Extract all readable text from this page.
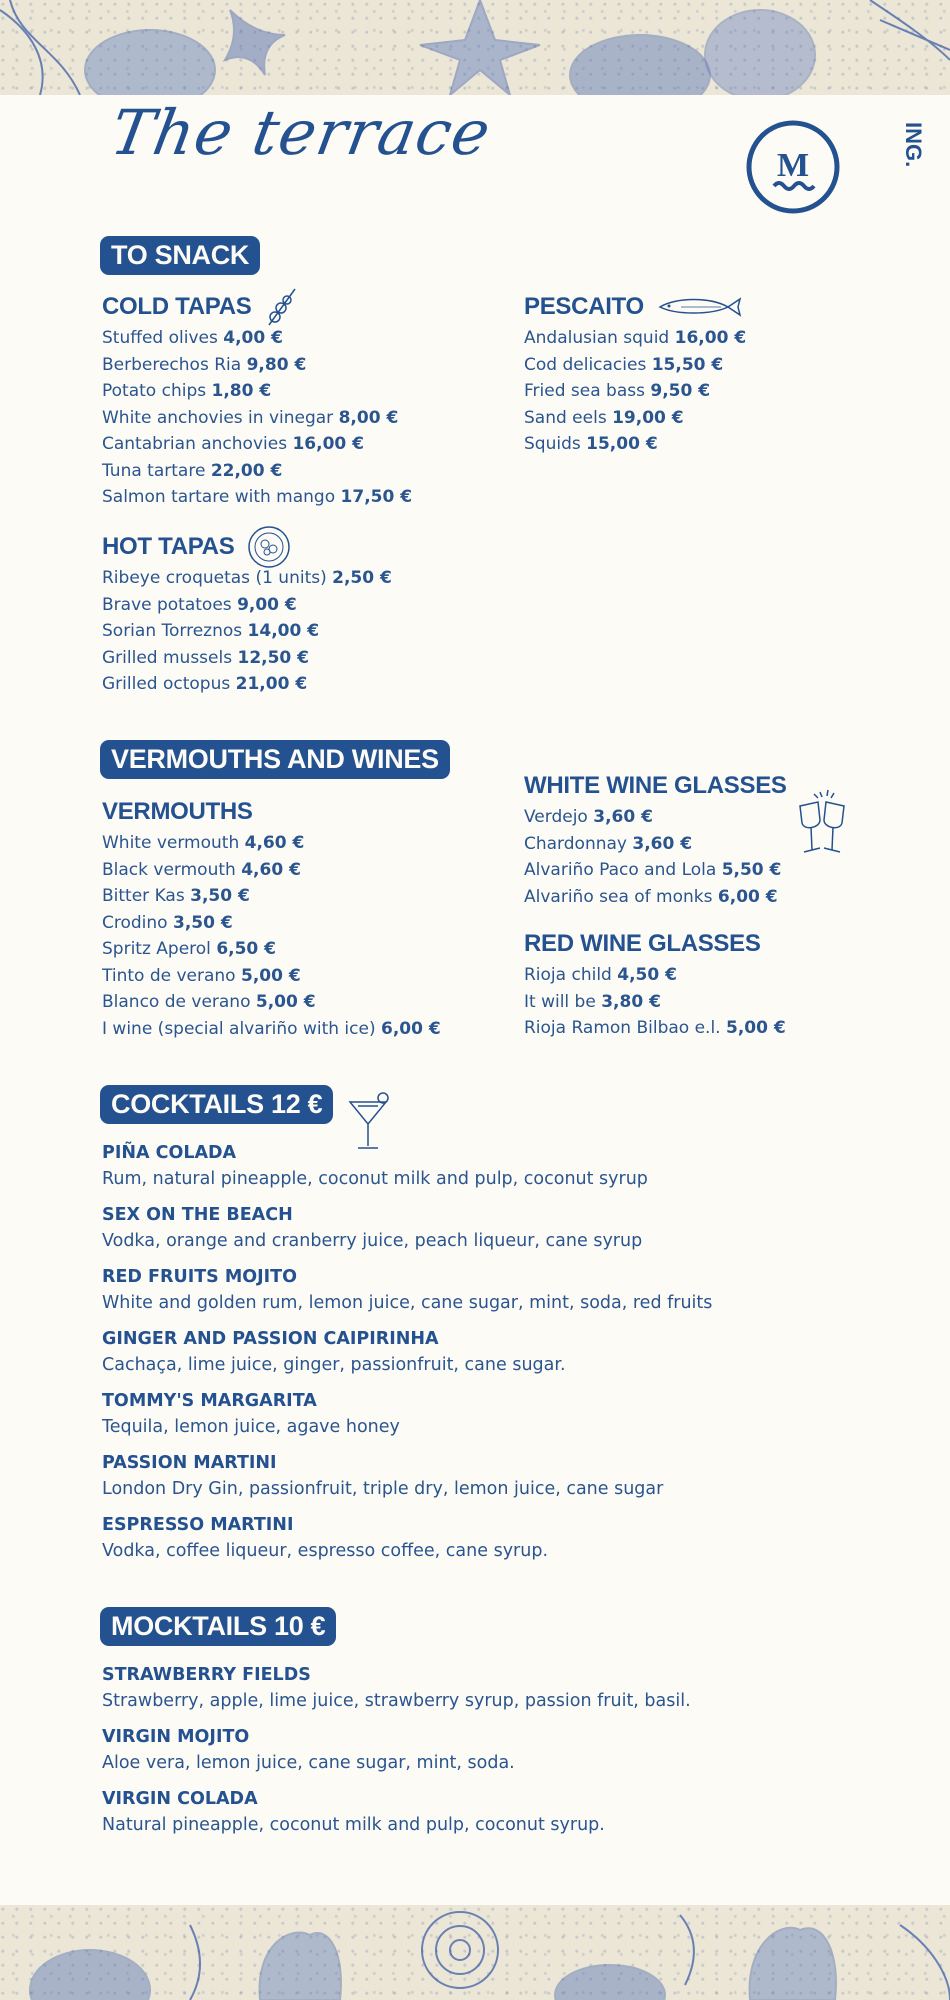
The terrace	M	ING.
TO SNACK
COLD TAPAS
Stuffed olives 4,00 €
Berberechos Ria 9,80 €
Potato chips 1,80 €
White anchovies in vinegar 8,00 €
Cantabrian anchovies 16,00 €
Tuna tartare 22,00 €
Salmon tartare with mango 17,50 €
PESCAITO
Andalusian squid 16,00 €
Cod delicacies 15,50 €
Fried sea bass 9,50 €
Sand eels 19,00 €
Squids 15,00 €
HOT TAPAS
Ribeye croquetas (1 units) 2,50 €
Brave potatoes 9,00 €
Sorian Torreznos 14,00 €
Grilled mussels 12,50 €
Grilled octopus 21,00 €
VERMOUTHS AND WINES
VERMOUTHS
White vermouth 4,60 €
Black vermouth 4,60 €
Bitter Kas 3,50 €
Crodino 3,50 €
Spritz Aperol 6,50 €
Tinto de verano 5,00 €
Blanco de verano 5,00 €
I wine (special alvariño with ice) 6,00 €
WHITE WINE GLASSES
Verdejo 3,60 €
Chardonnay 3,60 €
Alvariño Paco and Lola 5,50 €
Alvariño sea of monks 6,00 €
RED WINE GLASSES
Rioja child 4,50 €
It will be 3,80 €
Rioja Ramon Bilbao e.l. 5,00 €
COCKTAILS 12 €
PIÑA COLADA
Rum, natural pineapple, coconut milk and pulp, coconut syrup
SEX ON THE BEACH
Vodka, orange and cranberry juice, peach liqueur, cane syrup
RED FRUITS MOJITO
White and golden rum, lemon juice, cane sugar, mint, soda, red fruits
GINGER AND PASSION CAIPIRINHA
Cachaça, lime juice, ginger, passionfruit, cane sugar.
TOMMY'S MARGARITA
Tequila, lemon juice, agave honey
PASSION MARTINI
London Dry Gin, passionfruit, triple dry, lemon juice, cane sugar
ESPRESSO MARTINI
Vodka, coffee liqueur, espresso coffee, cane syrup.
MOCKTAILS 10 €
STRAWBERRY FIELDS
Strawberry, apple, lime juice, strawberry syrup, passion fruit, basil.
VIRGIN MOJITO
Aloe vera, lemon juice, cane sugar, mint, soda.
VIRGIN COLADA
Natural pineapple, coconut milk and pulp, coconut syrup.
